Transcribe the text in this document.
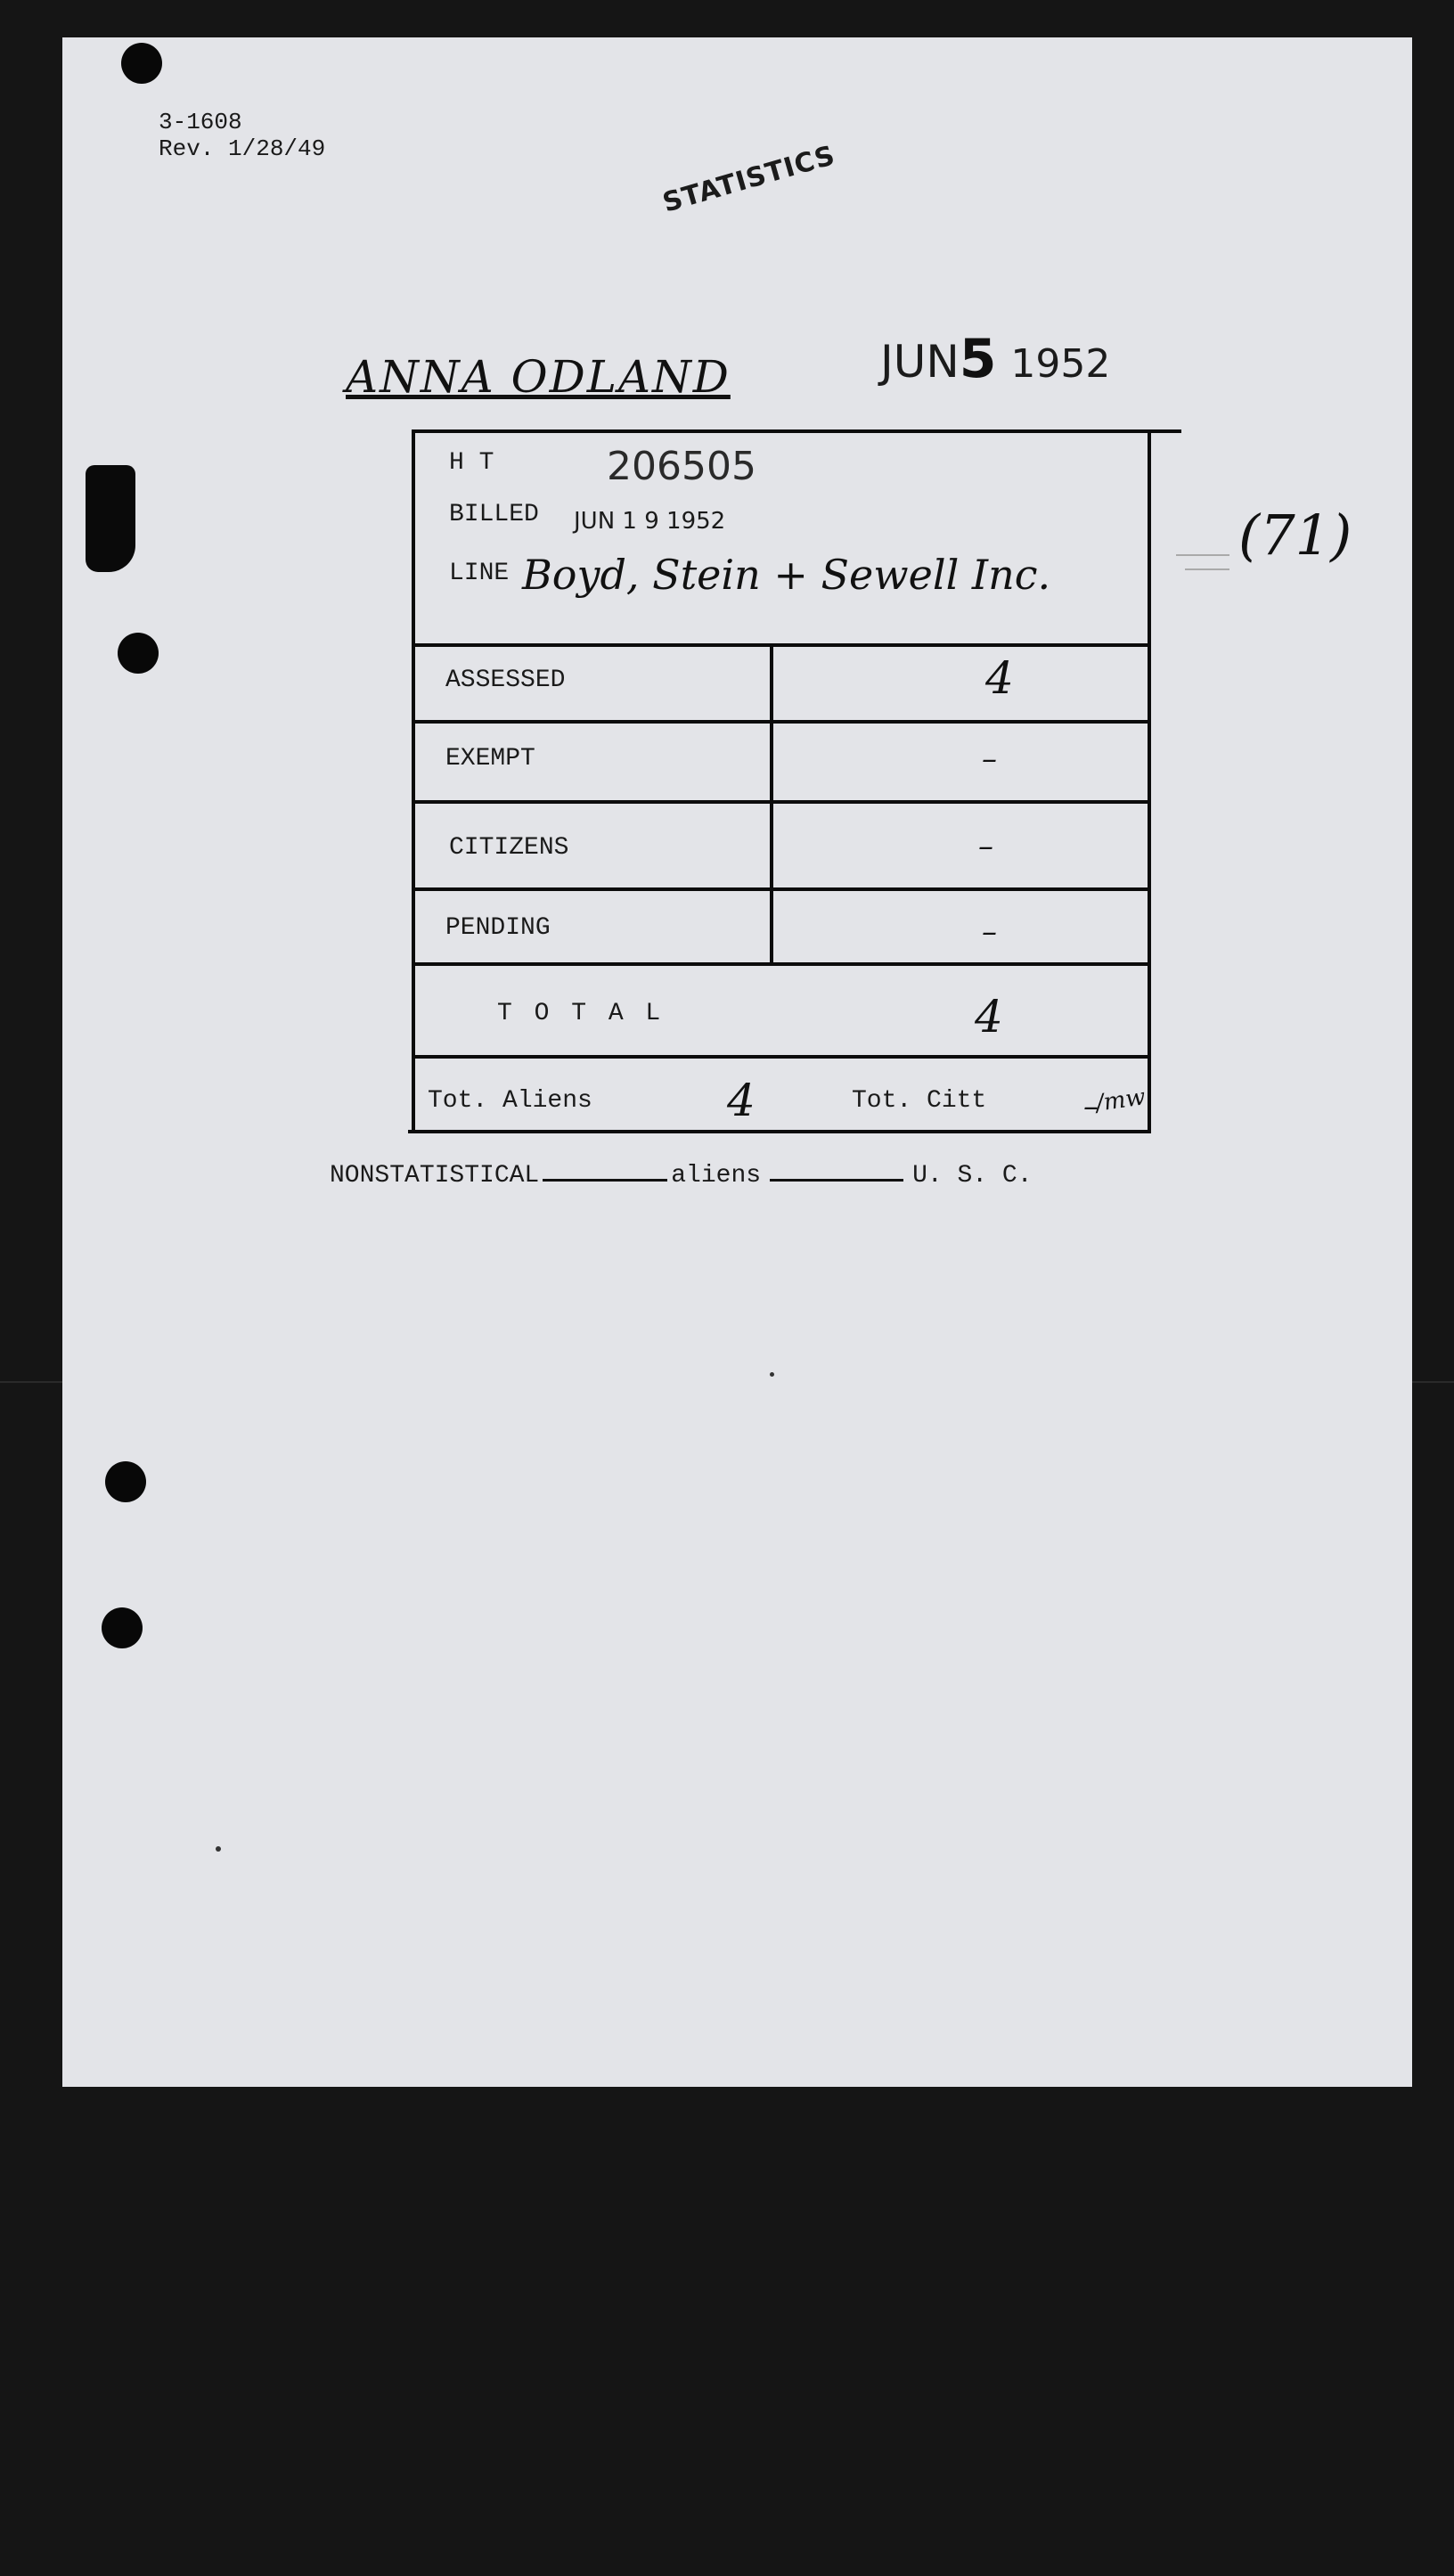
3-1608
Rev. 1/28/49	STATISTICS
ANNA ODLAND	JUN5 1952
H T	206505
BILLED JUN 1 9 1952
LINE Boyd, Stein + Sewell Inc.
ASSESSED	4
EXEMPT	–
CITIZENS	–
PENDING	–
T O T A L	4
Tot. Aliens	4	Tot. Citt	–
/mw
(71)
NONSTATISTICAL	aliens	U. S. C.
